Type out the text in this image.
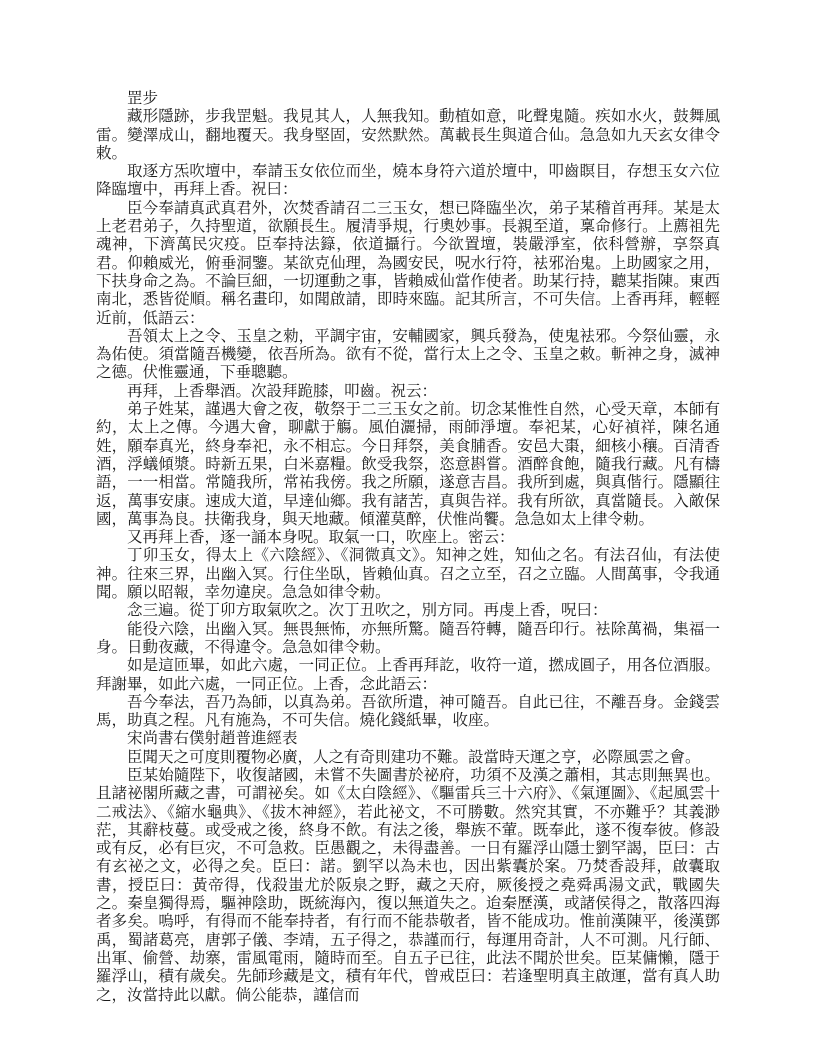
罡步

藏形隱跡，步我罡魁。我見其人，人無我知。動植如意，叱聲鬼隨。疾如水火，鼓舞風雷。變澤成山，翻地覆天。我身堅固，安然默然。萬載長生與道合仙。急急如九天玄女律令敕。

取逐方炁吹壇中，奉請玉女依位而坐，燒本身符六道於壇中，叩齒瞑目，存想玉女六位降臨壇中，再拜上香。祝曰：

臣今奉請真武真君外，次焚香請召二三玉女，想已降臨坐次，弟子某稽首再拜。某是太上老君弟子，久持聖道，欲願長生。履清爭規，行奧妙事。長親至道，稟命修行。上薦祖先魂神，下濟萬民灾疫。臣奉持法籙，依道攝行。今欲置壇，裝嚴淨室，依科營辦，享祭真君。仰賴威光，俯垂洞鑒。某欲克仙理，為國安民，呪水行符，袪邪治鬼。上助國家之用，下扶身命之為。不論巨細，一切運動之事，皆賴威仙當作使者。助某行持，聽某指陳。東西南北，悉皆從順。稱名畫印，如聞啟請，即時來臨。記其所言，不可失信。上香再拜，輕輕近前，低語云：

吾領太上之令、玉皇之勑，平調宇宙，安輔國家，興兵發為，使鬼袪邪。今祭仙靈，永為佑使。須當隨吾機變，依吾所為。欲有不從，當行太上之令、玉皇之敕。斬神之身，滅神之德。伏惟靈通，下垂聰聽。

再拜，上香舉酒。次設拜跪膝，叩齒。祝云：

弟子姓某，謹遇大會之夜，敬祭于二三玉女之前。切念某惟性自然，心受天章，本師有約，太上之傳。今遇大會，聊獻于觴。風伯灑掃，雨師淨壇。奉祀某，心好禎祥，陳名通姓，願奉真光，終身奉祀，永不相忘。今日拜祭，美食脯香。安邑大棗，細核小穰。百清香酒，浮蟻傾漿。時新五果，白米嘉糧。飲受我祭，恣意斟嘗。酒醉食飽，隨我行藏。凡有檮語，一一相當。常隨我所，常祐我傍。我之所願，遂意吉昌。我所到處，與真偕行。隱顯往返，萬事安康。速成大道，早達仙鄉。我有諸苦，真與告祥。我有所欲，真當隨長。入敵保國，萬事為良。扶衛我身，與天地藏。傾灌莫醉，伏惟尚饗。急急如太上律令勅。

又再拜上香，逐一誦本身呪。取氣一口，吹座上。密云：

丁卯玉女，得太上《六陰經》、《洞微真文》。知神之姓，知仙之名。有法召仙，有法使神。往來三界，出幽入冥。行住坐臥，皆賴仙真。召之立至，召之立臨。人間萬事，令我通聞。願以昭報，幸勿違戾。急急如律令勅。

念三遍。從丁卯方取氣吹之。次丁丑吹之，別方同。再虔上香，呪曰：

能役六陰，出幽入冥。無畏無怖，亦無所驚。隨吾符轉，隨吾印行。袪除萬禍，集福一身。日動夜藏，不得違令。急急如律令勅。

如是這匝畢，如此六處，一同正位。上香再拜訖，收符一道，撚成圓子，用各位酒服。拜謝畢，如此六處，一同正位。上香，念此語云：

吾今奉法，吾乃為師，以真為弟。吾欲所遣，神可隨吾。自此已往，不離吾身。金錢雲馬，助真之程。凡有施為，不可失信。燒化錢紙畢，收座。

宋尚書右僕射趙普進經表

臣聞天之可度則覆物必廣，人之有奇則建功不難。設當時天運之亨，必際風雲之會。

臣某始隨陛下，收復諸國，未嘗不失圖書於祕府，功須不及漢之蕭相，其志則無異也。且諸祕閣所藏之書，可謂祕矣。如《太白陰經》、《驅雷兵三十六府》、《氣運圖》、《起風雲十二戒法》、《縮水龜典》、《拔木神經》，若此祕文，不可勝數。然究其實，不亦難乎？其義渺茫，其辭枝蔓。或受戒之後，終身不飲。有法之後，舉族不葷。既奉此，遂不復奉彼。修設或有反，必有巨灾，不可急救。臣愚觀之，未得盡善。一日有羅浮山隱士劉罕謁，臣曰：古有玄祕之文，必得之矣。臣曰：諾。劉罕以為未也，因出紫囊於案。乃焚香設拜，啟囊取書，授臣曰：黃帝得，伐殺蚩尤於阪泉之野，藏之天府，厥後授之堯舜禹湯文武，戰國失之。秦皇獨得焉，驅神陰助，既統海內，復以無道失之。迨秦歷漢，或諸侯得之，散落四海者多矣。嗚呼，有得而不能奉持者，有行而不能恭敬者，皆不能成功。惟前漢陳平，後漢鄧禹，蜀諸葛亮，唐郭子儀、李靖，五子得之，恭謹而行，每運用奇計，人不可測。凡行師、出軍、偷營、劫寨，雷風電雨，隨時而至。自五子已往，此法不聞於世矣。臣某傭懶，隱于羅浮山，積有歲矣。先師珍藏是文，積有年代，曾戒臣曰：若逢聖明真主啟運，當有真人助之，汝當持此以獻。倘公能恭，謹信而
